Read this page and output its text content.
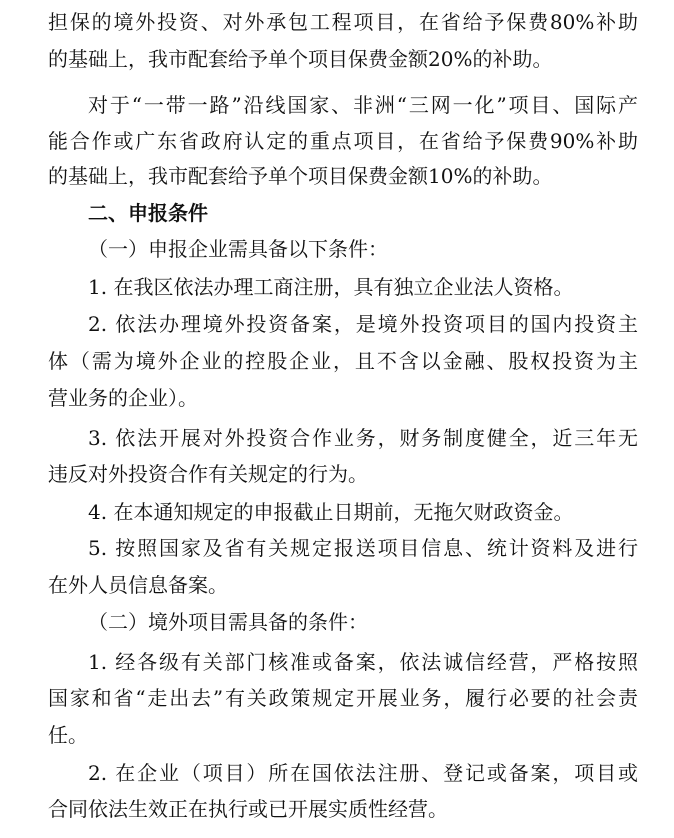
担保的境外投资、对外承包工程项目，在省给予保费80%补助
的基础上，我市配套给予单个项目保费金额20%的补助。
对于“一带一路”沿线国家、非洲“三网一化”项目、国际产
能合作或广东省政府认定的重点项目，在省给予保费90%补助
的基础上，我市配套给予单个项目保费金额10%的补助。
二、申报条件
（一）申报企业需具备以下条件：
1. 在我区依法办理工商注册，具有独立企业法人资格。
2. 依法办理境外投资备案，是境外投资项目的国内投资主
体（需为境外企业的控股企业，且不含以金融、股权投资为主
营业务的企业）。
3. 依法开展对外投资合作业务，财务制度健全，近三年无
违反对外投资合作有关规定的行为。
4. 在本通知规定的申报截止日期前，无拖欠财政资金。
5. 按照国家及省有关规定报送项目信息、统计资料及进行
在外人员信息备案。
（二）境外项目需具备的条件：
1. 经各级有关部门核准或备案，依法诚信经营，严格按照
国家和省“走出去”有关政策规定开展业务，履行必要的社会责
任。
2. 在企业（项目）所在国依法注册、登记或备案，项目或
合同依法生效正在执行或已开展实质性经营。
